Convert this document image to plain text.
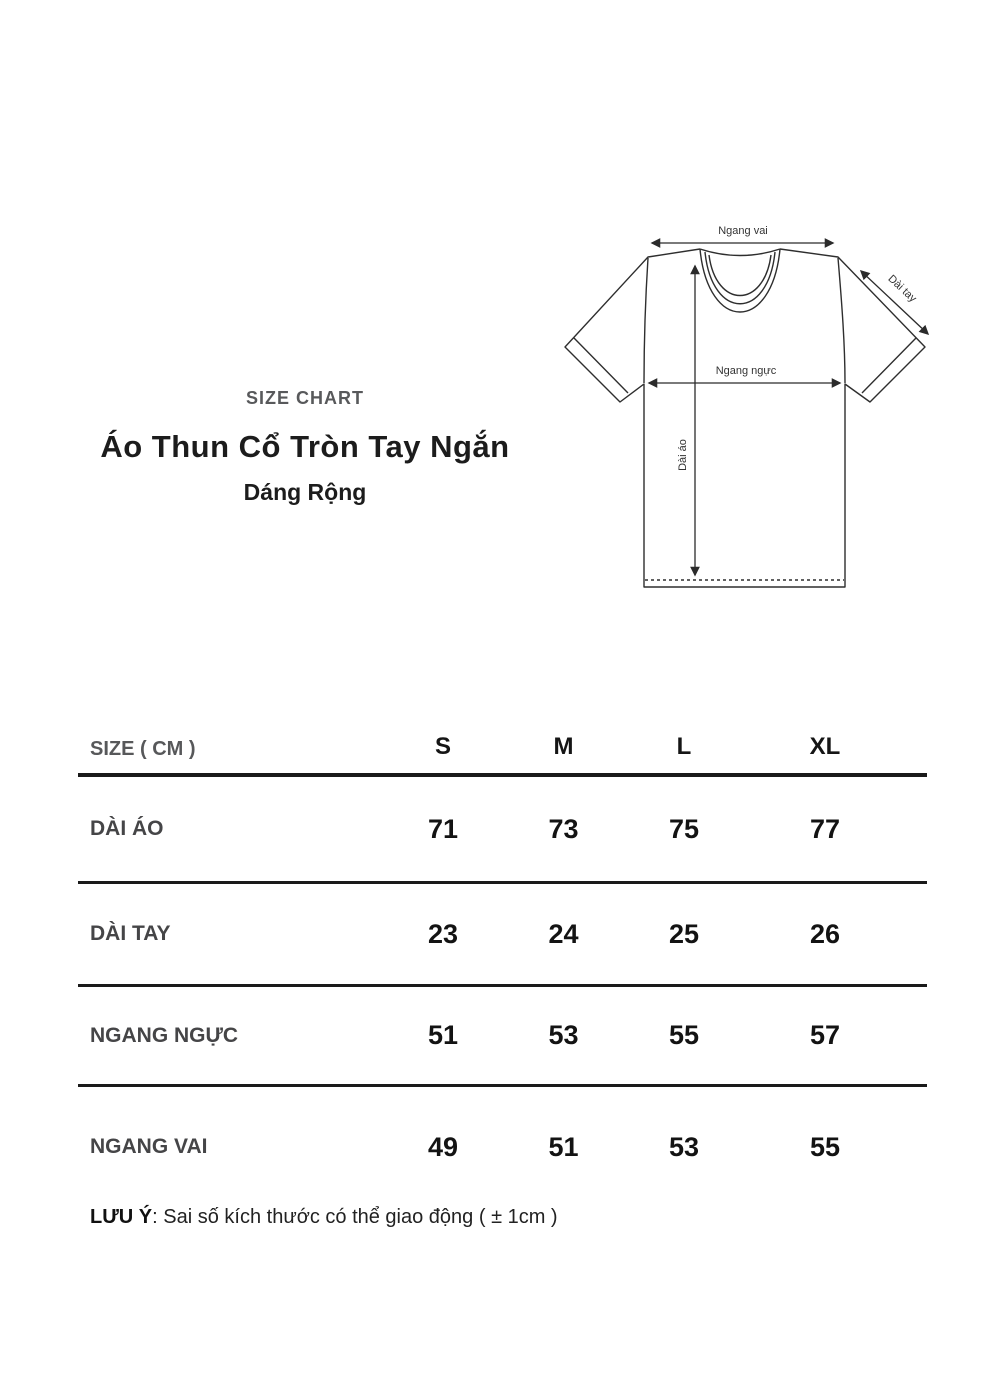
SIZE CHART
Áo Thun Cổ Tròn Tay Ngắn
Dáng Rộng
Ngang vai
Dài tay
Ngang ngực
Dài áo
SIZE ( CM )	S	M	L	XL
DÀI ÁO	71	73	75	77
DÀI TAY	23	24	25	26
NGANG NGỰC	51	53	55	57
NGANG VAI	49	51	53	55
LƯU Ý: Sai số kích thước có thể giao động ( ± 1cm )
